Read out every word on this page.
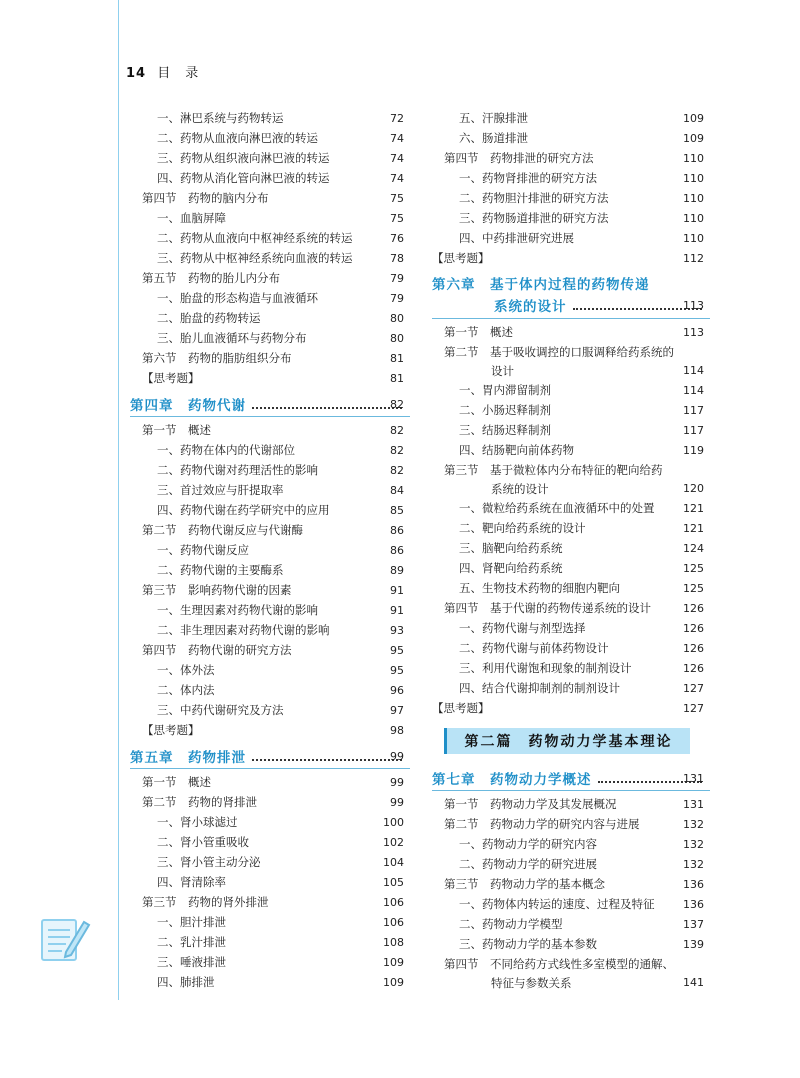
14 目　录
一、淋巴系统与药物转运	72
二、药物从血液向淋巴液的转运	74
三、药物从组织液向淋巴液的转运	74
四、药物从消化管向淋巴液的转运	74
第四节　药物的脑内分布	75
一、血脑屏障	75
二、药物从血液向中枢神经系统的转运	76
三、药物从中枢神经系统向血液的转运	78
第五节　药物的胎儿内分布	79
一、胎盘的形态构造与血液循环	79
二、胎盘的药物转运	80
三、胎儿血液循环与药物分布	80
第六节　药物的脂肪组织分布	81
【思考题】	81
第四章　药物代谢	82
第一节　概述	82
一、药物在体内的代谢部位	82
二、药物代谢对药理活性的影响	82
三、首过效应与肝提取率	84
四、药物代谢在药学研究中的应用	85
第二节　药物代谢反应与代谢酶	86
一、药物代谢反应	86
二、药物代谢的主要酶系	89
第三节　影响药物代谢的因素	91
一、生理因素对药物代谢的影响	91
二、非生理因素对药物代谢的影响	93
第四节　药物代谢的研究方法	95
一、体外法	95
二、体内法	96
三、中药代谢研究及方法	97
【思考题】	98
第五章　药物排泄	99
第一节　概述	99
第二节　药物的肾排泄	99
一、肾小球滤过	100
二、肾小管重吸收	102
三、肾小管主动分泌	104
四、肾清除率	105
第三节　药物的肾外排泄	106
一、胆汁排泄	106
二、乳汁排泄	108
三、唾液排泄	109
四、肺排泄	109
五、汗腺排泄	109
六、肠道排泄	109
第四节　药物排泄的研究方法	110
一、药物肾排泄的研究方法	110
二、药物胆汁排泄的研究方法	110
三、药物肠道排泄的研究方法	110
四、中药排泄研究进展	110
【思考题】	112
第六章　基于体内过程的药物传递
系统的设计	113
第一节　概述	113
第二节　基于吸收调控的口服调释给药系统的
设计	114
一、胃内滞留制剂	114
二、小肠迟释制剂	117
三、结肠迟释制剂	117
四、结肠靶向前体药物	119
第三节　基于微粒体内分布特征的靶向给药
系统的设计	120
一、微粒给药系统在血液循环中的处置	121
二、靶向给药系统的设计	121
三、脑靶向给药系统	124
四、肾靶向给药系统	125
五、生物技术药物的细胞内靶向	125
第四节　基于代谢的药物传递系统的设计	126
一、药物代谢与剂型选择	126
二、药物代谢与前体药物设计	126
三、利用代谢饱和现象的制剂设计	126
四、结合代谢抑制剂的制剂设计	127
【思考题】	127
第二篇　药物动力学基本理论
第七章　药物动力学概述	131
第一节　药物动力学及其发展概况	131
第二节　药物动力学的研究内容与进展	132
一、药物动力学的研究内容	132
二、药物动力学的研究进展	132
第三节　药物动力学的基本概念	136
一、药物体内转运的速度、过程及特征	136
二、药物动力学模型	137
三、药物动力学的基本参数	139
第四节　不同给药方式线性多室模型的通解、
特征与参数关系	141
